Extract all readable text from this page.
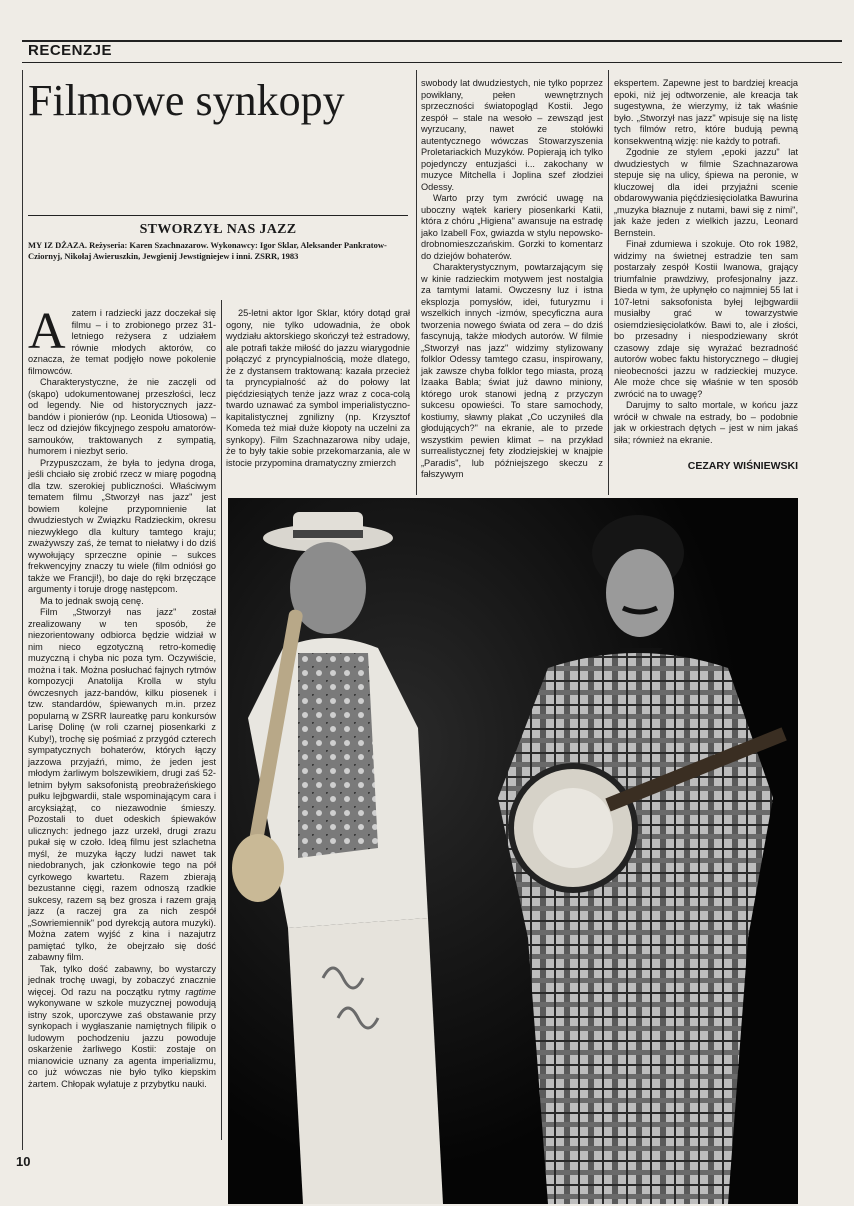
RECENZJE
Filmowe synkopy
STWORZYŁ NAS JAZZ
MY IZ DŻAZA. Reżyseria: Karen Szachnazarow. Wykonawcy: Igor Sklar, Aleksander Pankratow-Cziornyj, Nikołaj Awieruszkin, Jewgienij Jewstigniejew i inni. ZSRR, 1983

Azatem i radziecki jazz doczekał się filmu – i to zrobionego przez 31-letniego reżysera z udziałem równie młodych aktorów, co oznacza, że temat podjęło nowe pokolenie filmowców.

Charakterystyczne, że nie zaczęli od (skąpo) udokumentowanej przeszłości, lecz od legendy. Nie od historycznych jazz-bandów i pionierów (np. Leonida Utiosowa) – lecz od dziejów fikcyjnego zespołu amatorów-samouków, traktowanych z sympatią, humorem i niezbyt serio.

Przypuszczam, że była to jedyna droga, jeśli chciało się zrobić rzecz w miarę pogodną dla tzw. szerokiej publiczności. Właściwym tematem filmu „Stworzył nas jazz" jest bowiem kolejne przypomnienie lat dwudziestych w Związku Radzieckim, okresu niezwykłego dla kultury tamtego kraju; zważywszy zaś, że temat to niełatwy i do dziś wywołujący sprzeczne opinie – sukces frekwencyjny znaczy tu wiele (film odniósł go także we Francji!), bo daje do ręki brzęczące argumenty i toruje drogę następcom.

Ma to jednak swoją cenę.

Film „Stworzył nas jazz" został zrealizowany w ten sposób, że niezorientowany odbiorca będzie widział w nim nieco egzotyczną retro-komedię muzyczną i chyba nic poza tym. Oczywiście, można i tak. Można posłuchać fajnych rytmów kompozycji Anatolija Krolla w stylu ówczesnych jazz-bandów, kilku piosenek i tzw. standardów, śpiewanych m.in. przez popularną w ZSRR laureatkę paru konkursów Larisę Dolinę (w roli czarnej piosenkarki z Kuby!), trochę się pośmiać z przygód czterech sympatycznych bohaterów, których łączy jazzowa przyjaźń, mimo, że jeden jest młodym żarliwym bolszewikiem, drugi zaś 52-letnim byłym saksofonistą preobrażeńskiego pułku lejbgwardii, stale wspominającym cara i arcyksiążąt, co niezawodnie śmieszy. Pozostali to duet odeskich śpiewaków ulicznych: jednego jazz urzekł, drugi zrazu pukał się w czoło. Ideą filmu jest szlachetna myśl, że muzyka łączy ludzi nawet tak niedobranych, jak członkowie tego na pół cyrkowego kwartetu. Razem zbierają bezustanne cięgi, razem odnoszą rzadkie sukcesy, razem są bez grosza i razem grają jazz (a raczej gra za nich zespół „Sowriemiennik" pod dyrekcją autora muzyki). Można zatem wyjść z kina i nazajutrz pamiętać tylko, że obejrzało się dość zabawny film.

Tak, tylko dość zabawny, bo wystarczy jednak trochę uwagi, by zobaczyć znacznie więcej. Od razu na początku rytmy ragtime wykonywane w szkole muzycznej powodują istny szok, uporczywe zaś obstawanie przy synkopach i wygłaszanie namiętnych filipik o ludowym pochodzeniu jazzu powoduje oskarżenie żarliwego Kostii: zostaje on mianowicie uznany za agenta imperializmu, co już wówczas nie było tylko kiepskim żartem. Chłopak wylatuje z przybytku nauki.

25-letni aktor Igor Sklar, który dotąd grał ogony, nie tylko udowadnia, że obok wydziału aktorskiego skończył też estradowy, ale potrafi także miłość do jazzu wiarygodnie połączyć z pryncypialnością, może dlatego, że z dystansem traktowaną: kazała przecież ta pryncypialność aż do połowy lat pięćdziesiątych tenże jazz wraz z coca-colą twardo uznawać za symbol imperialistyczno-kapitalistycznej zgnilizny (np. Krzysztof Komeda też miał duże kłopoty na uczelni za synkopy). Film Szachnazarowa niby udaje, że to były takie sobie przekomarzania, ale w istocie przypomina dramatyczny zmierzch

swobody lat dwudziestych, nie tylko poprzez powikłany, pełen wewnętrznych sprzeczności światopogląd Kostii. Jego zespół – stale na wesoło – zewsząd jest wyrzucany, nawet ze stołówki autentycznego wówczas Stowarzyszenia Proletariackich Muzyków. Popierają ich tylko pojedynczy entuzjaści i... zakochany w muzyce Mitchella i Joplina szef złodziei Odessy.

Warto przy tym zwrócić uwagę na uboczny wątek kariery piosenkarki Katii, która z chóru „Higiena" awansuje na estradę jako Izabell Fox, gwiazda w stylu nepowsko-drobnomieszczańskim. Gorzki to komentarz do dziejów bohaterów.

Charakterystycznym, powtarzającym się w kinie radzieckim motywem jest nostalgia za tamtymi latami. Owczesny luz i istna eksplozja pomysłów, idei, futuryzmu i wszelkich innych -izmów, specyficzna aura tworzenia nowego świata od zera – do dziś fascynują, także młodych autorów. W filmie „Stworzył nas jazz" widzimy stylizowany folklor Odessy tamtego czasu, inspirowany, jak zawsze chyba folklor tego miasta, prozą Izaaka Babla; świat już dawno miniony, którego urok stanowi jedną z przyczyn sukcesu opowieści. To stare samochody, kostiumy, sławny plakat „Co uczyniłeś dla głodujących?" na ekranie, ale to przede wszystkim pewien klimat – na przykład surrealistycznej fety złodziejskiej w knajpie „Paradis", lub późniejszego skeczu z fałszywym

ekspertem. Zapewne jest to bardziej kreacja epoki, niż jej odtworzenie, ale kreacja tak sugestywna, że wierzymy, iż tak właśnie było. „Stworzył nas jazz" wpisuje się na listę tych filmów retro, które budują pewną konsekwentną wizję: nie każdy to potrafi.

Zgodnie ze stylem „epoki jazzu" lat dwudziestych w filmie Szachnazarowa stepuje się na ulicy, śpiewa na peronie, w kluczowej dla idei przyjaźni scenie obdarowywania pięćdziesięciolatka Bawurina „muzyka błaznuje z nutami, bawi się z nimi", jak każe jeden z wielkich jazzu, Leonard Bernstein.

Finał zdumiewa i szokuje. Oto rok 1982, widzimy na świetnej estradzie ten sam postarzały zespół Kostii Iwanowa, grający triumfalnie prawdziwy, profesjonalny jazz. Bieda w tym, że upłynęło co najmniej 55 lat i 107-letni saksofonista byłej lejbgwardii musiałby grać w towarzystwie osiemdziesięciolatków. Bawi to, ale i złości, bo przesadny i niespodziewany skrót czasowy zdaje się wyrażać bezradność autorów wobec faktu historycznego – długiej nieobecności jazzu w radzieckiej muzyce. Ale może chce się właśnie w ten sposób zwrócić na to uwagę?

Darujmy to salto mortale, w końcu jazz wrócił w chwale na estrady, bo – podobnie jak w orkiestrach dętych – jest w nim jakaś siła; również na ekranie.

CEZARY WIŚNIEWSKI
10
